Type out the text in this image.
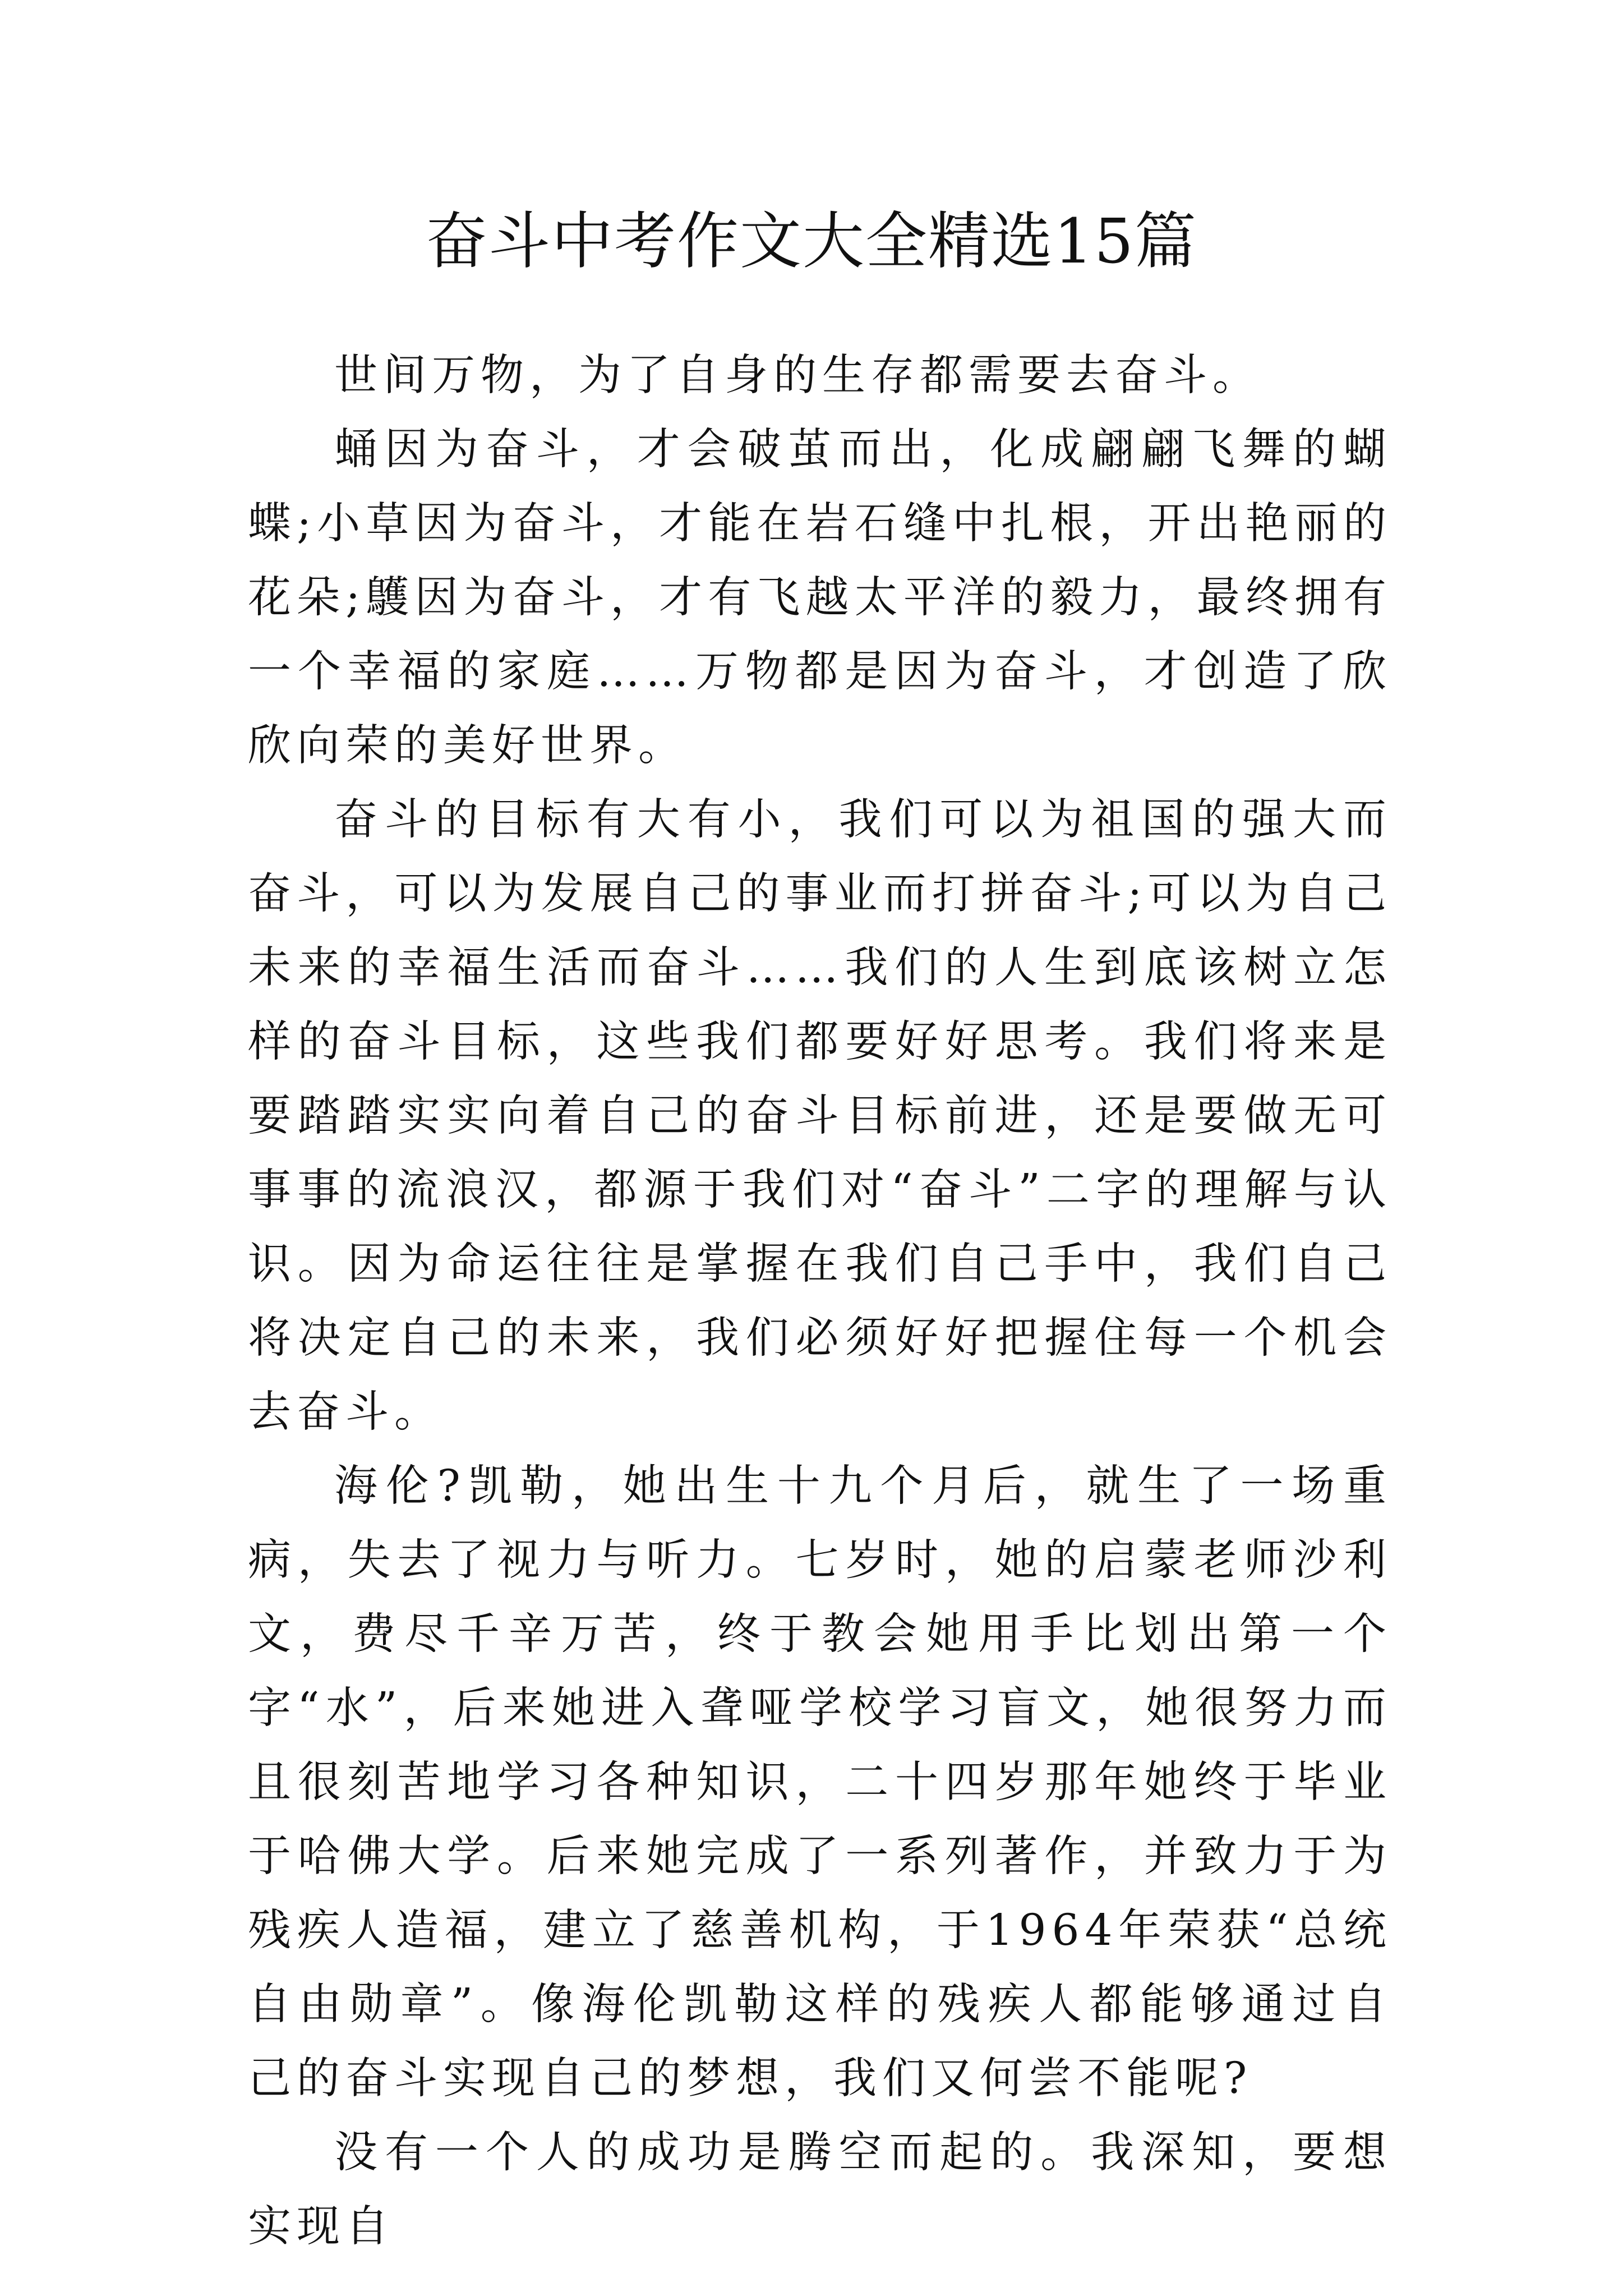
奋斗中考作文大全精选15篇

世间万物，为了自身的生存都需要去奋斗。

蛹因为奋斗，才会破茧而出，化成翩翩飞舞的蝴蝶;小草因为奋斗，才能在岩石缝中扎根，开出艳丽的花朵;鸌因为奋斗，才有飞越太平洋的毅力，最终拥有一个幸福的家庭……万物都是因为奋斗，才创造了欣欣向荣的美好世界。

奋斗的目标有大有小，我们可以为祖国的强大而奋斗，可以为发展自己的事业而打拼奋斗;可以为自己未来的幸福生活而奋斗……我们的人生到底该树立怎样的奋斗目标，这些我们都要好好思考。我们将来是要踏踏实实向着自己的奋斗目标前进，还是要做无可事事的流浪汉，都源于我们对“奋斗”二字的理解与认识。因为命运往往是掌握在我们自己手中，我们自己将决定自己的未来，我们必须好好把握住每一个机会去奋斗。

海伦?凯勒，她出生十九个月后，就生了一场重病，失去了视力与听力。七岁时，她的启蒙老师沙利文，费尽千辛万苦，终于教会她用手比划出第一个字“水”，后来她进入聋哑学校学习盲文，她很努力而且很刻苦地学习各种知识，二十四岁那年她终于毕业于哈佛大学。后来她完成了一系列著作，并致力于为残疾人造福，建立了慈善机构，于1964年荣获“总统自由勋章”。像海伦凯勒这样的残疾人都能够通过自己的奋斗实现自己的梦想，我们又何尝不能呢?

没有一个人的成功是腾空而起的。我深知，要想实现自
